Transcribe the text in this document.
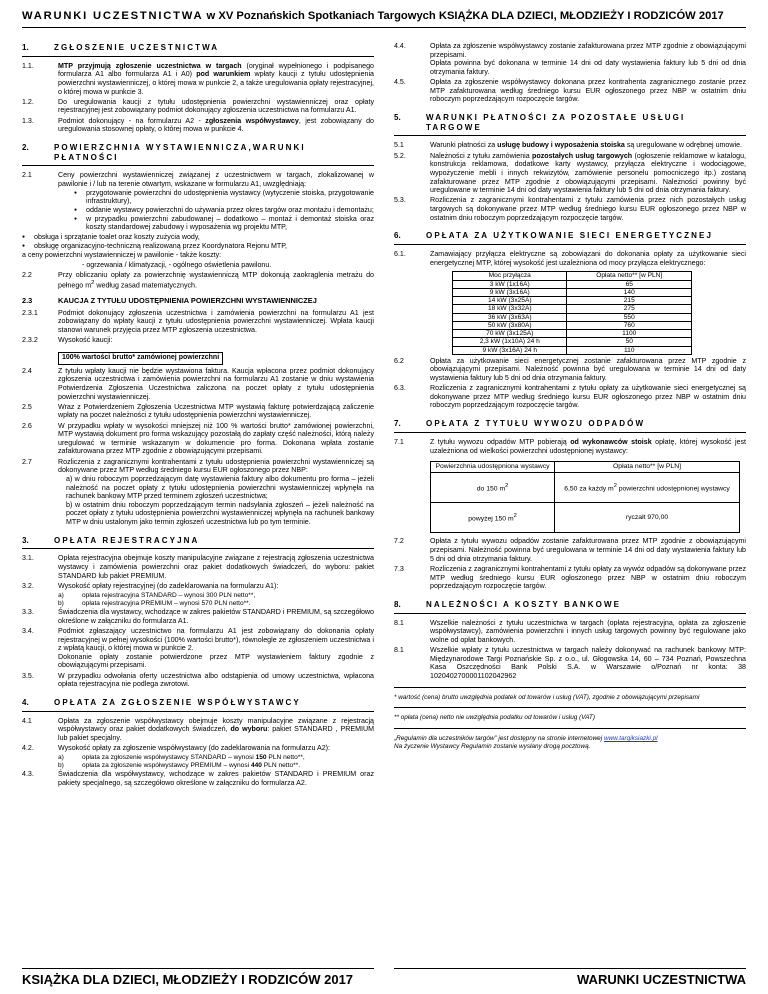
WARUNKI UCZESTNICTWA w XV Poznańskich Spotkaniach Targowych KSIĄŻKA DLA DZIECI, MŁODZIEŻY I RODZICÓW 2017
1.	ZGŁOSZENIE UCZESTNICTWA
1.1.	MTP przyjmują zgłoszenie uczestnictwa w targach (oryginał wypełnionego i podpisanego formularza A1 albo formularza A1 i A0) pod warunkiem wpłaty kaucji z tytułu udostępnienia powierzchni wystawienniczej, o której mowa w punkcie 2, a także uregulowania opłaty rejestracyjnej, o której mowa w punkcie 3.
1.2.	Do uregulowania kaucji z tytułu udostępnienia powierzchni wystawienniczej oraz opłaty rejestracyjnej jest zobowiązany podmiot dokonujący zgłoszenia uczestnictwa na formularzu A1.
1.3.	Podmiot dokonujący - na formularzu A2 - zgłoszenia współwystawcy, jest zobowiązany do uregulowania stosownej opłaty, o której mowa w punkcie 4.
2.	POWIERZCHNIA WYSTAWIENNICZA,WARUNKI PŁATNOŚCI
2.1	Ceny powierzchni wystawienniczej związanej z uczestnictwem w targach, zlokalizowanej w pawilonie i / lub na terenie otwartym, wskazane w formularzu A1, uwzględniają:
● przygotowanie powierzchni do udostępnienia wystawcy (wytyczenie stoiska, przygotowanie infrastruktury),
● oddanie wystawcy powierzchni do używania przez okres targów oraz montażu i demontażu;
● w przypadku powierzchni zabudowanej – dodatkowo – montaż i demontaż stoiska oraz koszty standardowej zabudowy i wyposażenia wg projektu MTP,
● obsługa i sprzątanie toalet oraz koszty zużycia wody,
● obsługę organizacyjno-techniczną realizowaną przez Koordynatora Rejonu MTP,
a ceny powierzchni wystawienniczej w pawilonie - także koszty:
- ogrzewania / klimatyzacji, - ogólnego oświetlenia pawilonu.
2.2	Przy obliczaniu opłaty za powierzchnię wystawienniczą MTP dokonują zaokrąglenia metrażu do pełnego $m^2$ według zasad matematycznych.
2.3	KAUCJA Z TYTUŁU UDOSTĘPNIENIA POWIERZCHNI WYSTAWIENNICZEJ
2.3.1	Podmiot dokonujący zgłoszenia uczestnictwa i zamówienia powierzchni na formularzu A1 jest zobowiązany do wpłaty kaucji z tytułu udostępnienia powierzchni wystawienniczej. Wpłata kaucji stanowi warunek przyjęcia przez MTP zgłoszenia uczestnictwa.
2.3.2	Wysokość kaucji:
100% wartości brutto* zamówionej powierzchni
2.4	Z tytułu wpłaty kaucji nie będzie wystawiona faktura. Kaucja wpłacona przez podmiot dokonujący zgłoszenia uczestnictwa i zamówienia powierzchni na formularzu A1 zostanie w dniu wystawienia Potwierdzenia Zgłoszenia Uczestnictwa zaliczona na poczet opłaty z tytułu udostępnienia powierzchni wystawienniczej.
2.5	Wraz z Potwierdzeniem Zgłoszenia Uczestnictwa MTP wystawią fakturę potwierdzającą zaliczenie wpłaty na poczet należności z tytułu udostępnienia powierzchni wystawienniczej.
2.6	W przypadku wpłaty w wysokości mniejszej niż 100 % wartości brutto* zamówionej powierzchni, MTP wystawią dokument pro forma wskazujący pozostałą do zapłaty część należności, którą należy uregulować w terminie wskazanym w dokumencie pro forma. Dokonana wpłata zostanie zafakturowana przez MTP zgodnie z obowiązującymi przepisami.
2.7	Rozliczenia z zagranicznymi kontrahentami z tytułu udostępnienia powierzchni wystawienniczej są dokonywane przez MTP według średniego kursu EUR ogłoszonego przez NBP:
a) w dniu roboczym poprzedzającym datę wystawienia faktury albo dokumentu pro forma – jeżeli należność na poczet opłaty z tytułu udostępnienia powierzchni wystawienniczej wpłynęła na rachunek bankowy MTP przed terminem zgłoszeń uczestnictwa;
b) w ostatnim dniu roboczym poprzedzającym termin nadsyłania zgłoszeń – jeżeli należność na poczet opłaty z tytułu udostępnienia powierzchni wystawienniczej wpłynęła na rachunek bankowy MTP w dniu ustalonym jako termin zgłoszeń uczestnictwa lub po tym terminie.
3.	OPŁATA REJESTRACYJNA
3.1.	Opłata rejestracyjna obejmuje koszty manipulacyjne związane z rejestracją zgłoszenia uczestnictwa wystawcy i zamówienia powierzchni oraz pakiet dodatkowych świadczeń, do wyboru: pakiet STANDARD lub pakiet PREMIUM.
3.2.	Wysokość opłaty rejestracyjnej (do zadeklarowania na formularzu A1):
a)	opłata rejestracyjna STANDARD – wynosi 300 PLN netto**,
b)	opłata rejestracyjna PREMIUM – wynosi 570 PLN netto**.
3.3.	Świadczenia dla wystawcy, wchodzące w zakres pakietów STANDARD i PREMIUM, są szczegółowo określone w załączniku do formularza A1.
3.4.	Podmiot zgłaszający uczestnictwo na formularzu A1 jest zobowiązany do dokonania opłaty rejestracyjnej w pełnej wysokości (100% wartości brutto*), równolegle ze zgłoszeniem uczestnictwa i z wpłatą kaucji, o której mowa w punkcie 2.
Dokonanie opłaty zostanie potwierdzone przez MTP wystawieniem faktury zgodnie z obowiązującymi przepisami.
3.5.	W przypadku odwołania oferty uczestnictwa albo odstąpienia od umowy uczestnictwa, wpłacona opłata rejestracyjna nie podlega zwrotowi.
4.	OPŁATA ZA ZGŁOSZENIE WSPÓŁWYSTAWCY
4.1	Opłata za zgłoszenie współwystawcy obejmuje koszty manipulacyjne związane z rejestracją współwystawcy oraz pakiet dodatkowych świadczeń, do wyboru: pakiet STANDARD , PREMIUM lub pakiet specjalny.
4.2.	Wysokość opłaty za zgłoszenie współwystawcy (do zadeklarowania na formularzu A2):
a)	opłata za zgłoszenie współwystawcy STANDARD – wynosi 150 PLN netto**,
b)	opłata za zgłoszenie współwystawcy PREMIUM – wynosi 440 PLN netto**.
4.3.	Świadczenia dla współwystawcy, wchodzące w zakres pakietów STANDARD i PREMIUM oraz pakiety specjalnego, są szczegółowo określone w załączniku do formularza A2.
4.4.	Opłata za zgłoszenie współwystawcy zostanie zafakturowana przez MTP zgodnie z obowiązującymi przepisami.
Opłata powinna być dokonana w terminie 14 dni od daty wystawienia faktury lub 5 dni od dnia otrzymania faktury.
4.5.	Opłata za zgłoszenie współwystawcy dokonana przez kontrahenta zagranicznego zostanie przez MTP zafakturowana według średniego kursu EUR ogłoszonego przez NBP w ostatnim dniu roboczym poprzedzającym rozpoczęcie targów.
5.	WARUNKI PŁATNOŚCI ZA POZOSTAŁE USŁUGI
TARGOWE
5.1	Warunki płatności za usługę budowy i wyposażenia stoiska są uregulowane w odrębnej umowie.
5.2.	Należności z tytułu zamówienia pozostałych usług targowych (ogłoszenie reklamowe w katalogu, konstrukcja reklamowa, dodatkowe karty wystawcy, przyłącza elektryczne i wodociągowe, wypożyczenie mebli i innych rekwizytów, zamówienie personelu pomocniczego itp.) zostaną zafakturowane przez MTP zgodnie z obowiązującymi przepisami. Należności powinny być uregulowane w terminie 14 dni od daty wystawienia faktury lub 5 dni od dnia otrzymania faktury.
5.3.	Rozliczenia z zagranicznymi kontrahentami z tytułu zamówienia przez nich pozostałych usług targowych są dokonywane przez MTP według średniego kursu EUR ogłoszonego przez NBP w ostatnim dniu roboczym poprzedzającym rozpoczęcie targów.
6.	OPŁATA ZA UŻYTKOWANIE SIECI ENERGETYCZNEJ
6.1.	Zamawiający przyłącza elektryczne są zobowiązani do dokonania opłaty za użytkowanie sieci energetycznej MTP, której wysokość jest uzależniona od mocy przyłącza elektrycznego:
Moc przyłącza	Opłata netto** [w PLN]
3 kW (1x16A)	65
9 kW (3x16A)	140
14 kW (3x25A)	215
18 kW (3x32A)	275
36 kW (3x63A)	550
50 kW (3x80A)	760
70 kW (3x125A)	1100
2,3 kW (1x10A) 24 h	50
9 kW (3x16A) 24 h	110
6.2	Opłata za użytkowanie sieci energetycznej zostanie zafakturowana przez MTP zgodnie z obowiązującymi przepisami. Należność powinna być uregulowana w terminie 14 dni od daty wystawienia faktury lub 5 dni od dnia otrzymania faktury.
6.3.	Rozliczenia z zagranicznymi kontrahentami z tytułu opłaty za użytkowanie sieci energetycznej są dokonywane przez MTP według średniego kursu EUR ogłoszonego przez NBP w ostatnim dniu roboczym poprzedzającym rozpoczęcie targów.
7.	OPŁATA Z TYTUŁU WYWOZU ODPADÓW
7.1	Z tytułu wywozu odpadów MTP pobierają od wykonawców stoisk opłatę, której wysokość jest uzależniona od wielkości powierzchni udostępnionej wystawcy:
Powierzchnia udostępniona wystawcy	Opłata netto** [w PLN]
do 150 $m^2$	6,50 za każdy $m^2$ powierzchni udostępnionej wystawcy
powyżej 150 $m^2$	ryczałt 970,00
7.2	Opłata z tytułu wywozu odpadów zostanie zafakturowana przez MTP zgodnie z obowiązującymi przepisami. Należność powinna być uregulowana w terminie 14 dni od daty wystawienia faktury lub 5 dni od dnia otrzymania faktury.
7.3	Rozliczenia z zagranicznymi kontrahentami z tytułu opłaty za wywóz odpadów są dokonywane przez MTP według średniego kursu EUR ogłoszonego przez NBP w ostatnim dniu roboczym poprzedzającym rozpoczęcie targów.
8.	NALEŻNOŚCI A KOSZTY BANKOWE
8.1	Wszelkie należności z tytułu uczestnictwa w targach (opłata rejestracyjna, opłata za zgłoszenie współwystawcy), zamówienia powierzchni i innych usług targowych powinny być regulowane jako wolne od opłat bankowych.
8.1	Wszelkie wpłaty z tytułu uczestnictwa w targach należy dokonywać na rachunek bankowy MTP: Międzynarodowe Targi Poznańskie Sp. z o.o., ul. Głogowska 14, 60 – 734 Poznań, Powszechna Kasa Oszczędności Bank Polski S.A. w Warszawie o/Poznań nr konta: 38 1020402700001102042962
* wartość (cena) brutto uwzględnia podatek od towarów i usług (VAT), zgodnie z obowiązującymi przepisami
** opłata (cena) netto nie uwzględnia podatku od towarów i usług (VAT)
„Regulamin dla uczestników targów” jest dostępny na stronie internetowej www.targiksiazki.pl
Na życzenie Wystawcy Regulamin zostanie wysłany drogą pocztową.
KSIĄŻKA DLA DZIECI, MŁODZIEŻY I RODZICÓW 2017	WARUNKI UCZESTNICTWA
